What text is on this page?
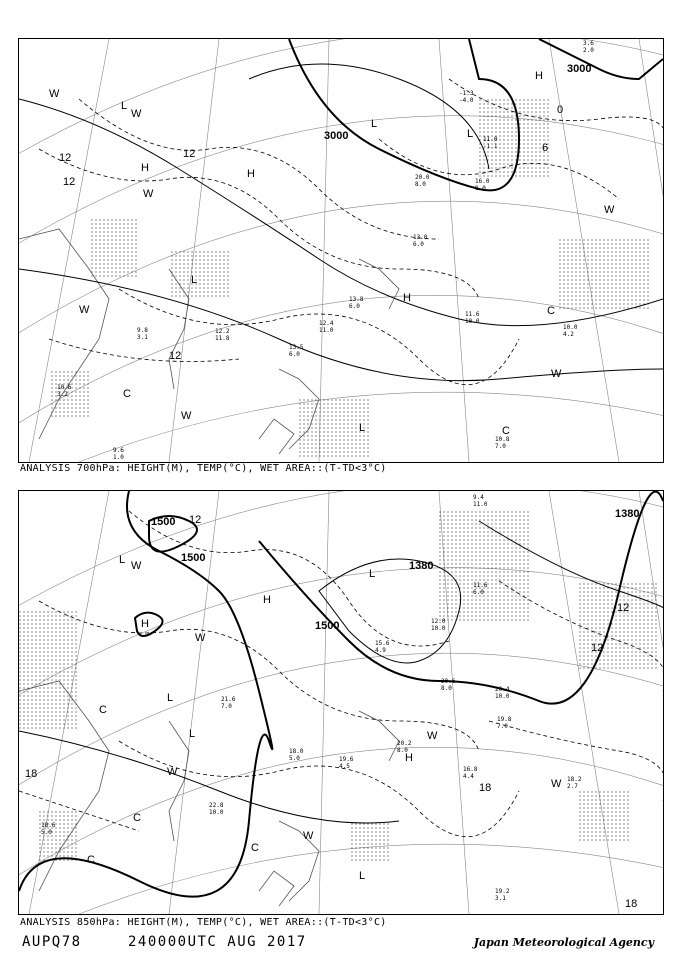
3000
3000
L
H
L
L
H
H
H
L
L
C
C
C
W
W
W
W
W
W
W
12
12
12
12
6
0
13.8
6.0
12.2
11.8
10.0
4.2
10.8
7.0
11.6
10.0
9.8
3.1
10.6
3.2
11.0
-1.1
20.0
8.0	16.0
8.0
13.0
6.0
9.6
1.0
3.6
2.0
-1.3
-4.0
12.4
11.0
13.5
6.0
ANALYSIS 700hPa: HEIGHT(M), TEMP(°C), WET AREA::(T-TD<3°C)
1500
1500
1500
1380
1380
L
H
L
L
H
L
H
L
C
C
C
C
W
W
W
W
W
W
12
12
12
18
18
18
20.2
8.0
20.6
8.0
19.8
7.0
18.2
2.7
16.8
4.4
19.2
3.1
22.8
10.0
18.6
5.0
21.6
7.0
12.0
10.0
15.6
4.9
11.6
6.0
9.4
11.0
20.4
10.0
19.6
4.5
18.0
5.0
ANALYSIS 850hPa: HEIGHT(M), TEMP(°C), WET AREA::(T-TD<3°C)
AUPQ78	240000UTC AUG 2017	Japan Meteorological Agency
